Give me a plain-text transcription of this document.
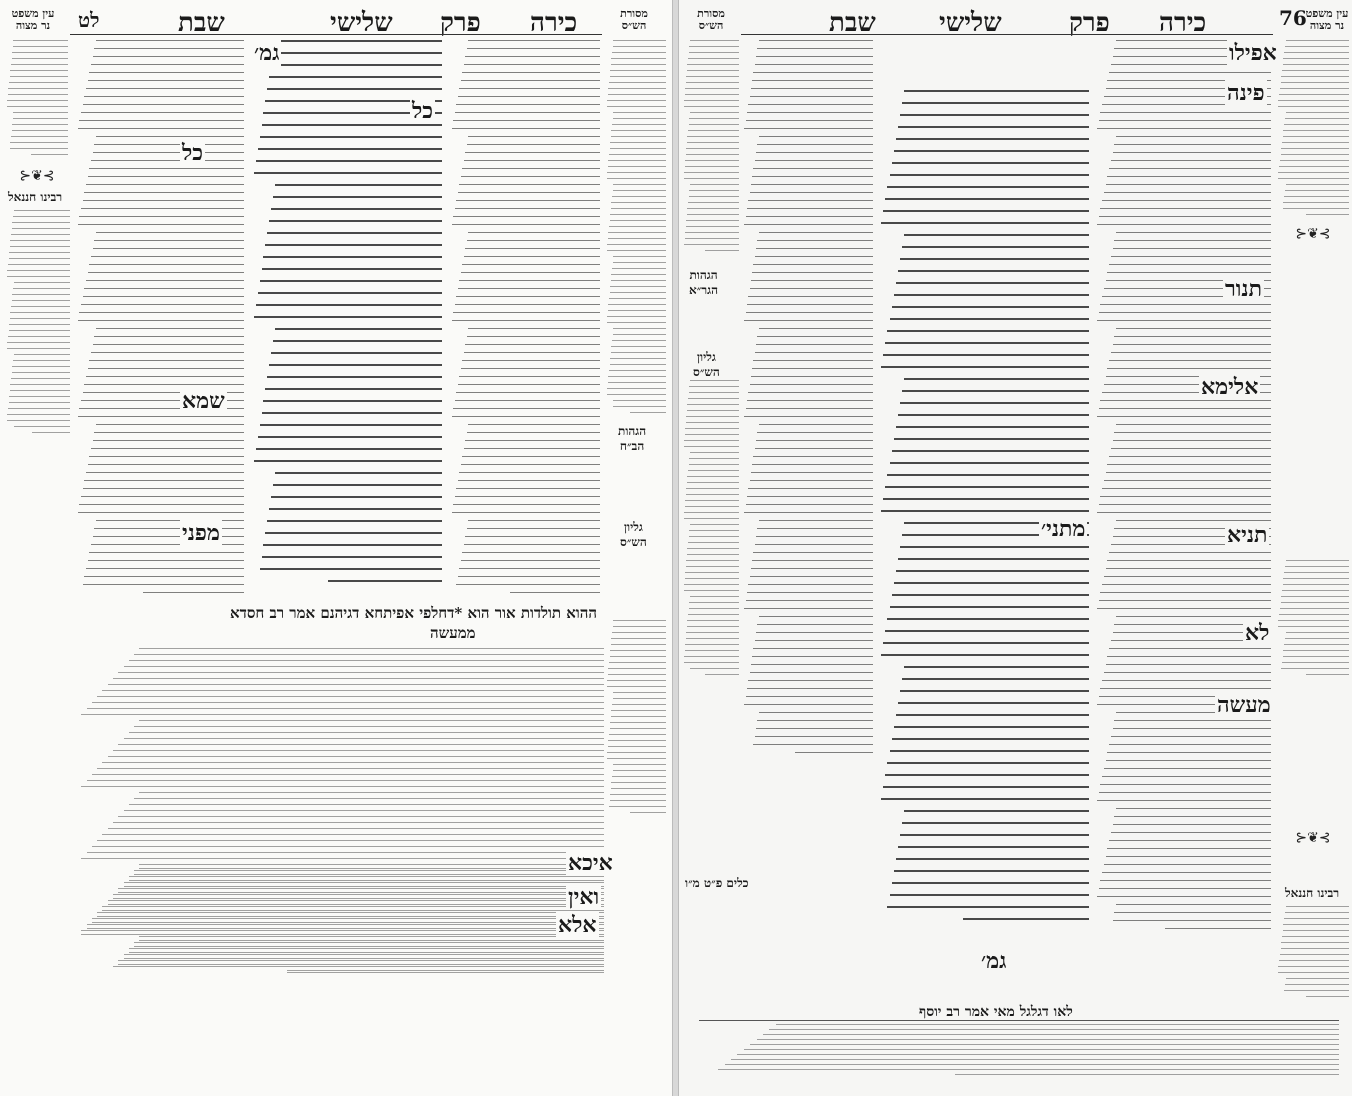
עין משפט
נר מצוה	לט	שבת	שלישי פרק כירה	מסורת
הש״ס
⊱❦⊰
רבינו חננאל
הגהות
הב״ח
גליון
הש״ס
גמ׳
כל
כל
שמא
מפני
ההוא תולדות אור הוא *דחלפי אפיתחא דגיהנם אמר רב חסדא
ממעשה
איכא
ואין
אלא
76	עין משפט
נר מצוה
שבת שלישי	פרק כירה
מסורת
הש״ס
הגהות
הגר״א
גליון
הש״ס
כלים פ״ט מ״ו
⊱❦⊰
⊱❦⊰
רבינו חננאל
אפילו
פינה
תנור
אלימא
תניא
לא
מעשה
מתני׳
גמ׳
לאו דגלגל מאי אמר רב יוסף
